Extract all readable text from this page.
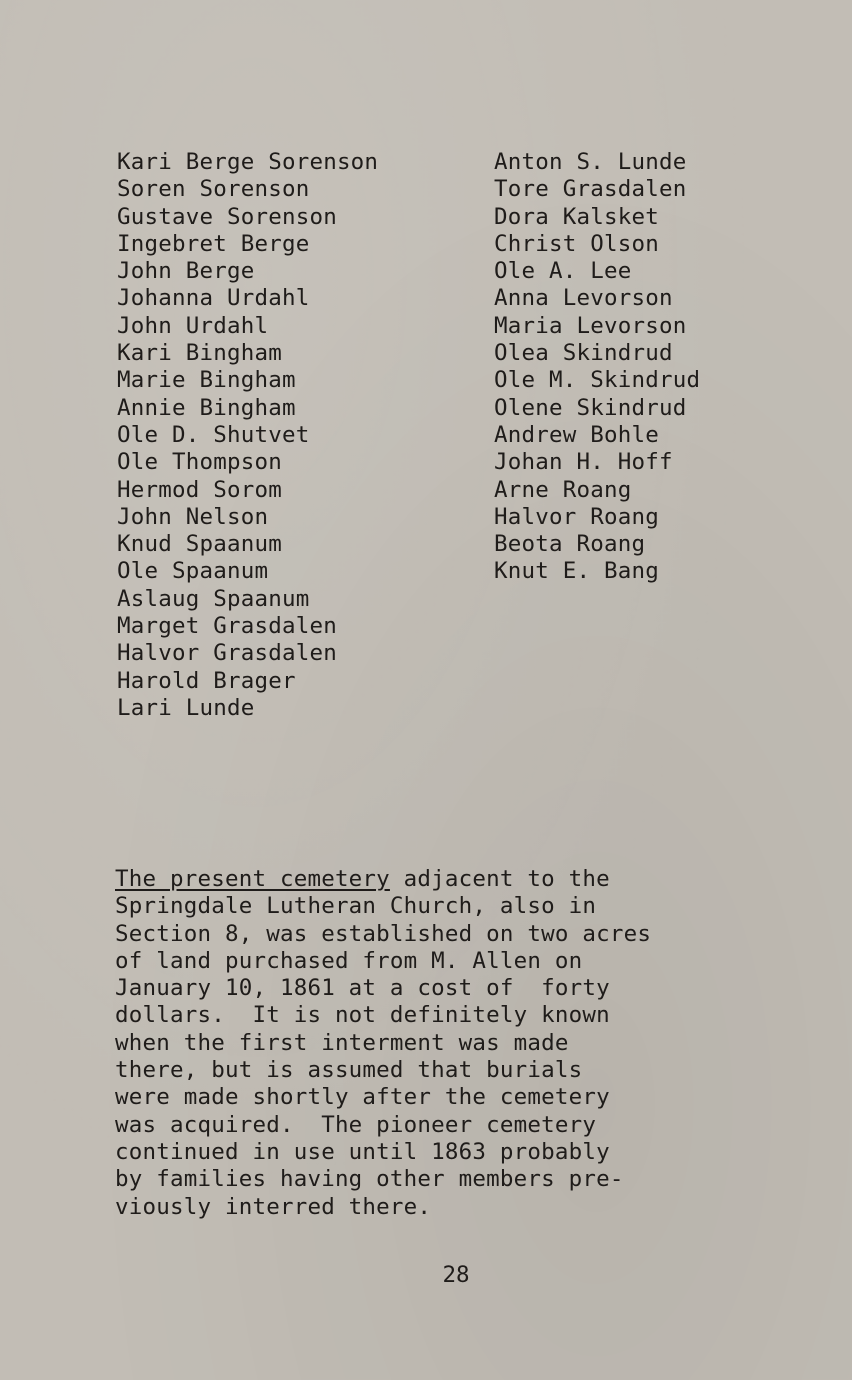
Kari Berge Sorenson
Soren Sorenson
Gustave Sorenson
Ingebret Berge
John Berge
Johanna Urdahl
John Urdahl
Kari Bingham
Marie Bingham
Annie Bingham
Ole D. Shutvet
Ole Thompson
Hermod Sorom
John Nelson
Knud Spaanum
Ole Spaanum
Aslaug Spaanum
Marget Grasdalen
Halvor Grasdalen
Harold Brager
Lari Lunde
Anton S. Lunde
Tore Grasdalen
Dora Kalsket
Christ Olson
Ole A. Lee
Anna Levorson
Maria Levorson
Olea Skindrud
Ole M. Skindrud
Olene Skindrud
Andrew Bohle
Johan H. Hoff
Arne Roang
Halvor Roang
Beota Roang
Knut E. Bang

The present cemetery adjacent to the
Springdale Lutheran Church, also in
Section 8, was established on two acres
of land purchased from M. Allen on
January 10, 1861 at a cost of  forty
dollars.  It is not definitely known
when the first interment was made
there, but is assumed that burials
were made shortly after the cemetery
was acquired.  The pioneer cemetery
continued in use until 1863 probably
by families having other members pre-
viously interred there.

28
